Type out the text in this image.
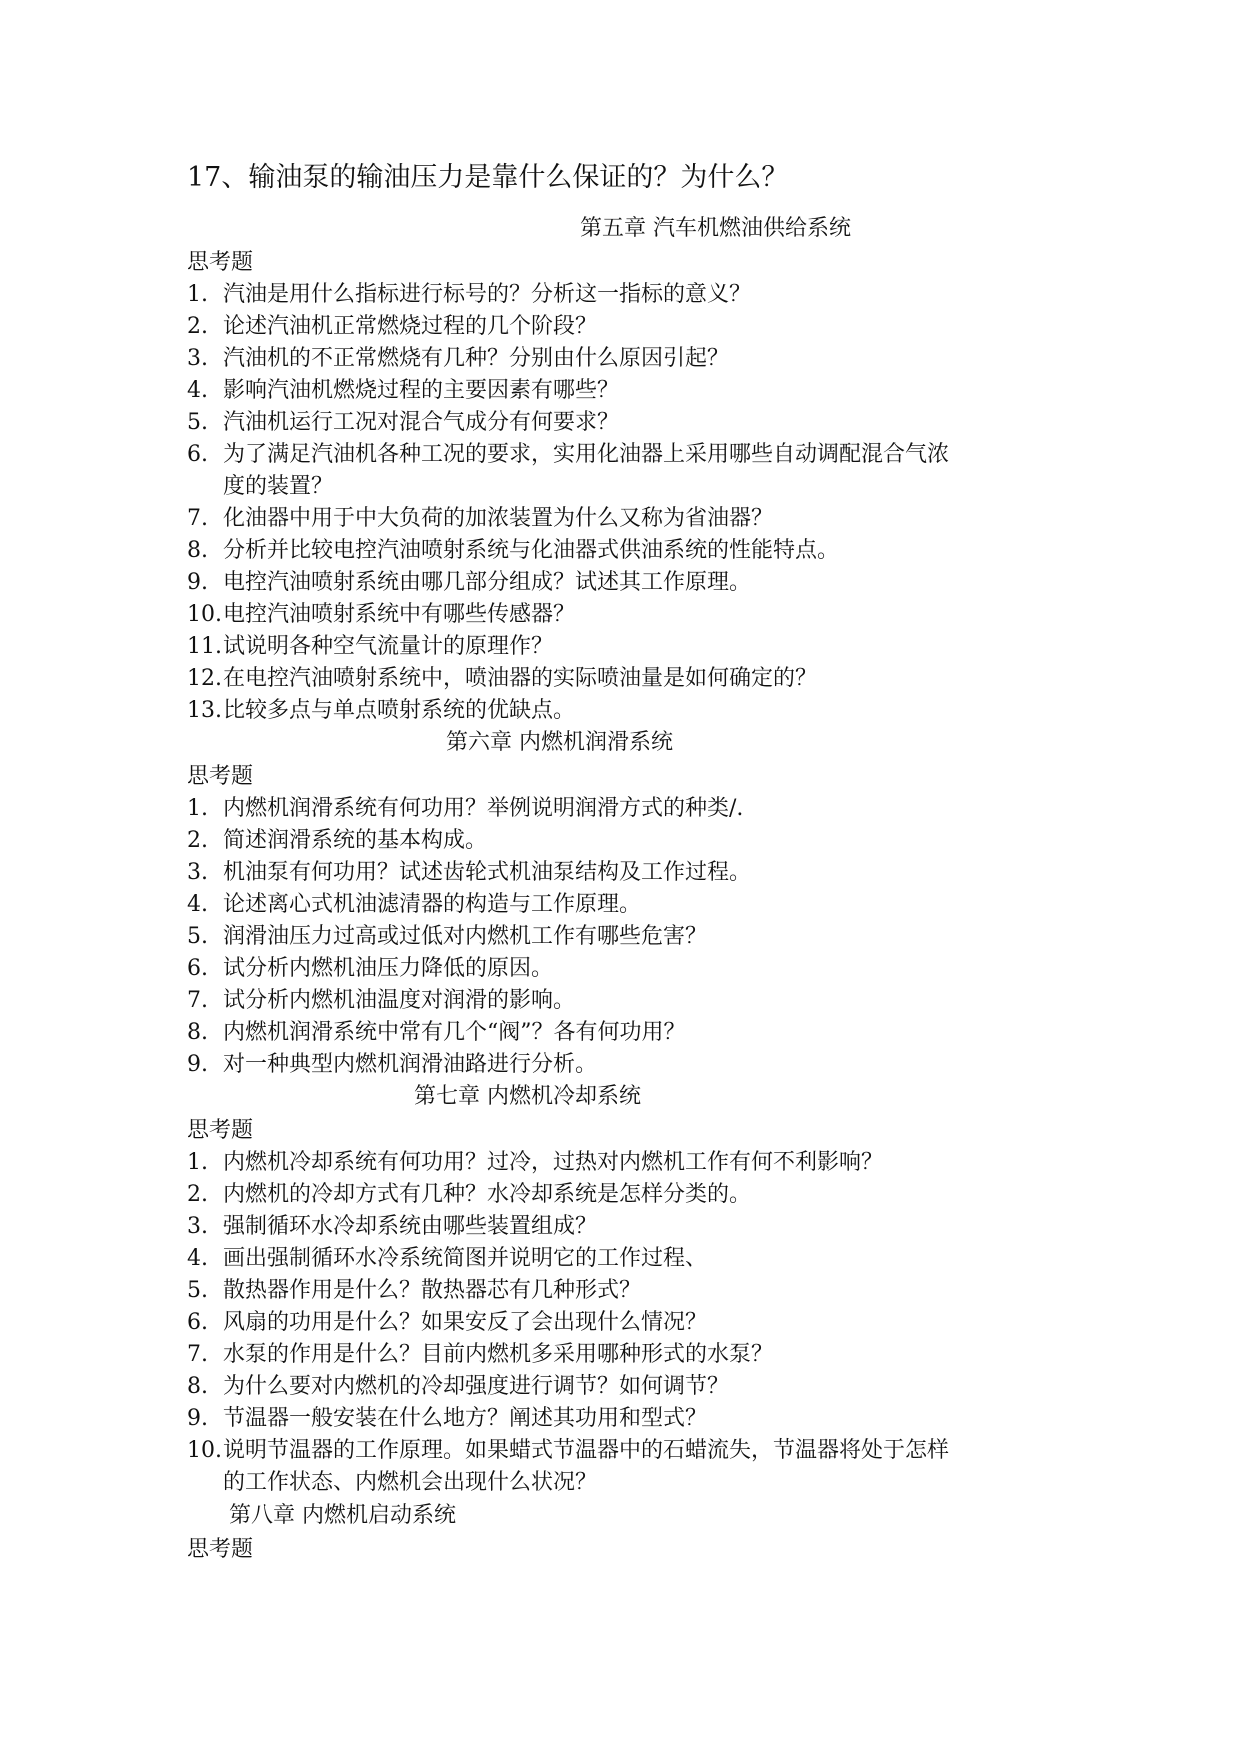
17、输油泵的输油压力是靠什么保证的？为什么？
第五章 汽车机燃油供给系统
思考题
1. 汽油是用什么指标进行标号的？分析这一指标的意义？
2. 论述汽油机正常燃烧过程的几个阶段？
3. 汽油机的不正常燃烧有几种？分别由什么原因引起？
4. 影响汽油机燃烧过程的主要因素有哪些？
5. 汽油机运行工况对混合气成分有何要求？
6. 为了满足汽油机各种工况的要求，实用化油器上采用哪些自动调配混合气浓
度的装置？
7. 化油器中用于中大负荷的加浓装置为什么又称为省油器？
8. 分析并比较电控汽油喷射系统与化油器式供油系统的性能特点。
9. 电控汽油喷射系统由哪几部分组成？试述其工作原理。
10. 电控汽油喷射系统中有哪些传感器？
11. 试说明各种空气流量计的原理作？
12. 在电控汽油喷射系统中，喷油器的实际喷油量是如何确定的？
13. 比较多点与单点喷射系统的优缺点。
第六章 内燃机润滑系统
思考题
1. 内燃机润滑系统有何功用？举例说明润滑方式的种类/.
2. 简述润滑系统的基本构成。
3. 机油泵有何功用？试述齿轮式机油泵结构及工作过程。
4. 论述离心式机油滤清器的构造与工作原理。
5. 润滑油压力过高或过低对内燃机工作有哪些危害？
6. 试分析内燃机油压力降低的原因。
7. 试分析内燃机油温度对润滑的影响。
8. 内燃机润滑系统中常有几个“阀”？各有何功用？
9. 对一种典型内燃机润滑油路进行分析。
第七章 内燃机冷却系统
思考题
1. 内燃机冷却系统有何功用？过冷，过热对内燃机工作有何不利影响？
2. 内燃机的冷却方式有几种？水冷却系统是怎样分类的。
3. 强制循环水冷却系统由哪些装置组成？
4. 画出强制循环水冷系统简图并说明它的工作过程、
5. 散热器作用是什么？散热器芯有几种形式？
6. 风扇的功用是什么？如果安反了会出现什么情况？
7. 水泵的作用是什么？目前内燃机多采用哪种形式的水泵？
8. 为什么要对内燃机的冷却强度进行调节？如何调节？
9. 节温器一般安装在什么地方？阐述其功用和型式？
10. 说明节温器的工作原理。如果蜡式节温器中的石蜡流失，节温器将处于怎样
的工作状态、内燃机会出现什么状况？
第八章 内燃机启动系统
思考题
